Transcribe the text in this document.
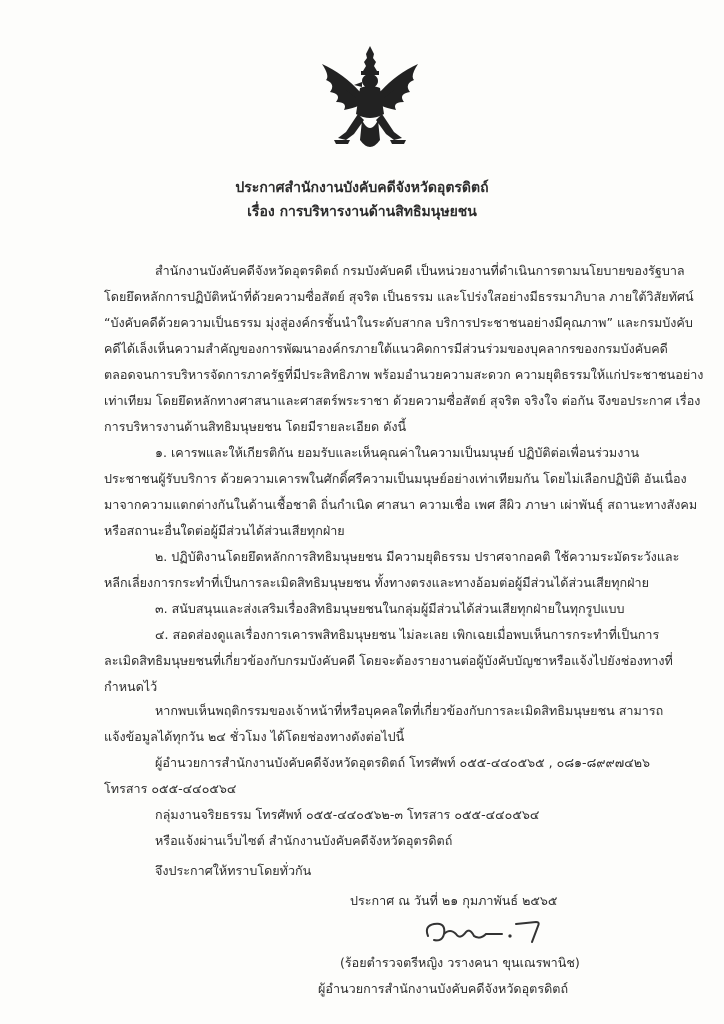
ประกาศสำนักงานบังคับคดีจังหวัดอุตรดิตถ์
เรื่อง การบริหารงานด้านสิทธิมนุษยชน
สำนักงานบังคับคดีจังหวัดอุตรดิตถ์ กรมบังคับคดี เป็นหน่วยงานที่ดำเนินการตามนโยบายของรัฐบาล
โดยยึดหลักการปฏิบัติหน้าที่ด้วยความซื่อสัตย์ สุจริต เป็นธรรม และโปร่งใสอย่างมีธรรมาภิบาล ภายใต้วิสัยทัศน์
“บังคับคดีด้วยความเป็นธรรม มุ่งสู่องค์กรชั้นนำในระดับสากล บริการประชาชนอย่างมีคุณภาพ” และกรมบังคับ
คดีได้เล็งเห็นความสำคัญของการพัฒนาองค์กรภายใต้แนวคิดการมีส่วนร่วมของบุคลากรของกรมบังคับคดี
ตลอดจนการบริหารจัดการภาครัฐที่มีประสิทธิภาพ พร้อมอำนวยความสะดวก ความยุติธรรมให้แก่ประชาชนอย่าง
เท่าเทียม โดยยึดหลักทางศาสนาและศาสตร์พระราชา ด้วยความซื่อสัตย์ สุจริต จริงใจ ต่อกัน จึงขอประกาศ เรื่อง
การบริหารงานด้านสิทธิมนุษยชน โดยมีรายละเอียด ดังนี้
๑. เคารพและให้เกียรติกัน ยอมรับและเห็นคุณค่าในความเป็นมนุษย์ ปฏิบัติต่อเพื่อนร่วมงาน
ประชาชนผู้รับบริการ ด้วยความเคารพในศักดิ์ศรีความเป็นมนุษย์อย่างเท่าเทียมกัน โดยไม่เลือกปฏิบัติ อันเนื่อง
มาจากความแตกต่างกันในด้านเชื้อชาติ ถิ่นกำเนิด ศาสนา ความเชื่อ เพศ สีผิว ภาษา เผ่าพันธุ์ สถานะทางสังคม
หรือสถานะอื่นใดต่อผู้มีส่วนได้ส่วนเสียทุกฝ่าย
๒. ปฏิบัติงานโดยยึดหลักการสิทธิมนุษยชน มีความยุติธรรม ปราศจากอคติ ใช้ความระมัดระวังและ
หลีกเลี่ยงการกระทำที่เป็นการละเมิดสิทธิมนุษยชน ทั้งทางตรงและทางอ้อมต่อผู้มีส่วนได้ส่วนเสียทุกฝ่าย
๓. สนับสนุนและส่งเสริมเรื่องสิทธิมนุษยชนในกลุ่มผู้มีส่วนได้ส่วนเสียทุกฝ่ายในทุกรูปแบบ
๔. สอดส่องดูแลเรื่องการเคารพสิทธิมนุษยชน ไม่ละเลย เพิกเฉยเมื่อพบเห็นการกระทำที่เป็นการ
ละเมิดสิทธิมนุษยชนที่เกี่ยวข้องกับกรมบังคับคดี โดยจะต้องรายงานต่อผู้บังคับบัญชาหรือแจ้งไปยังช่องทางที่
กำหนดไว้
หากพบเห็นพฤติกรรมของเจ้าหน้าที่หรือบุคคลใดที่เกี่ยวข้องกับการละเมิดสิทธิมนุษยชน สามารถ
แจ้งข้อมูลได้ทุกวัน ๒๔ ชั่วโมง ได้โดยช่องทางดังต่อไปนี้
ผู้อำนวยการสำนักงานบังคับคดีจังหวัดอุตรดิตถ์ โทรศัพท์ ๐๕๕-๔๔๐๕๖๕ , ๐๘๑-๘๙๙๗๔๒๖
โทรสาร ๐๕๕-๔๔๐๕๖๔
กลุ่มงานจริยธรรม โทรศัพท์ ๐๕๕-๔๔๐๕๖๒-๓ โทรสาร ๐๕๕-๔๔๐๕๖๔
หรือแจ้งผ่านเว็บไซต์ สำนักงานบังคับคดีจังหวัดอุตรดิตถ์
จึงประกาศให้ทราบโดยทั่วกัน
ประกาศ ณ วันที่ ๒๑ กุมภาพันธ์ ๒๕๖๕
(ร้อยตำรวจตรีหญิง วรางคนา ขุนเณรพานิช)
ผู้อำนวยการสำนักงานบังคับคดีจังหวัดอุตรดิตถ์
